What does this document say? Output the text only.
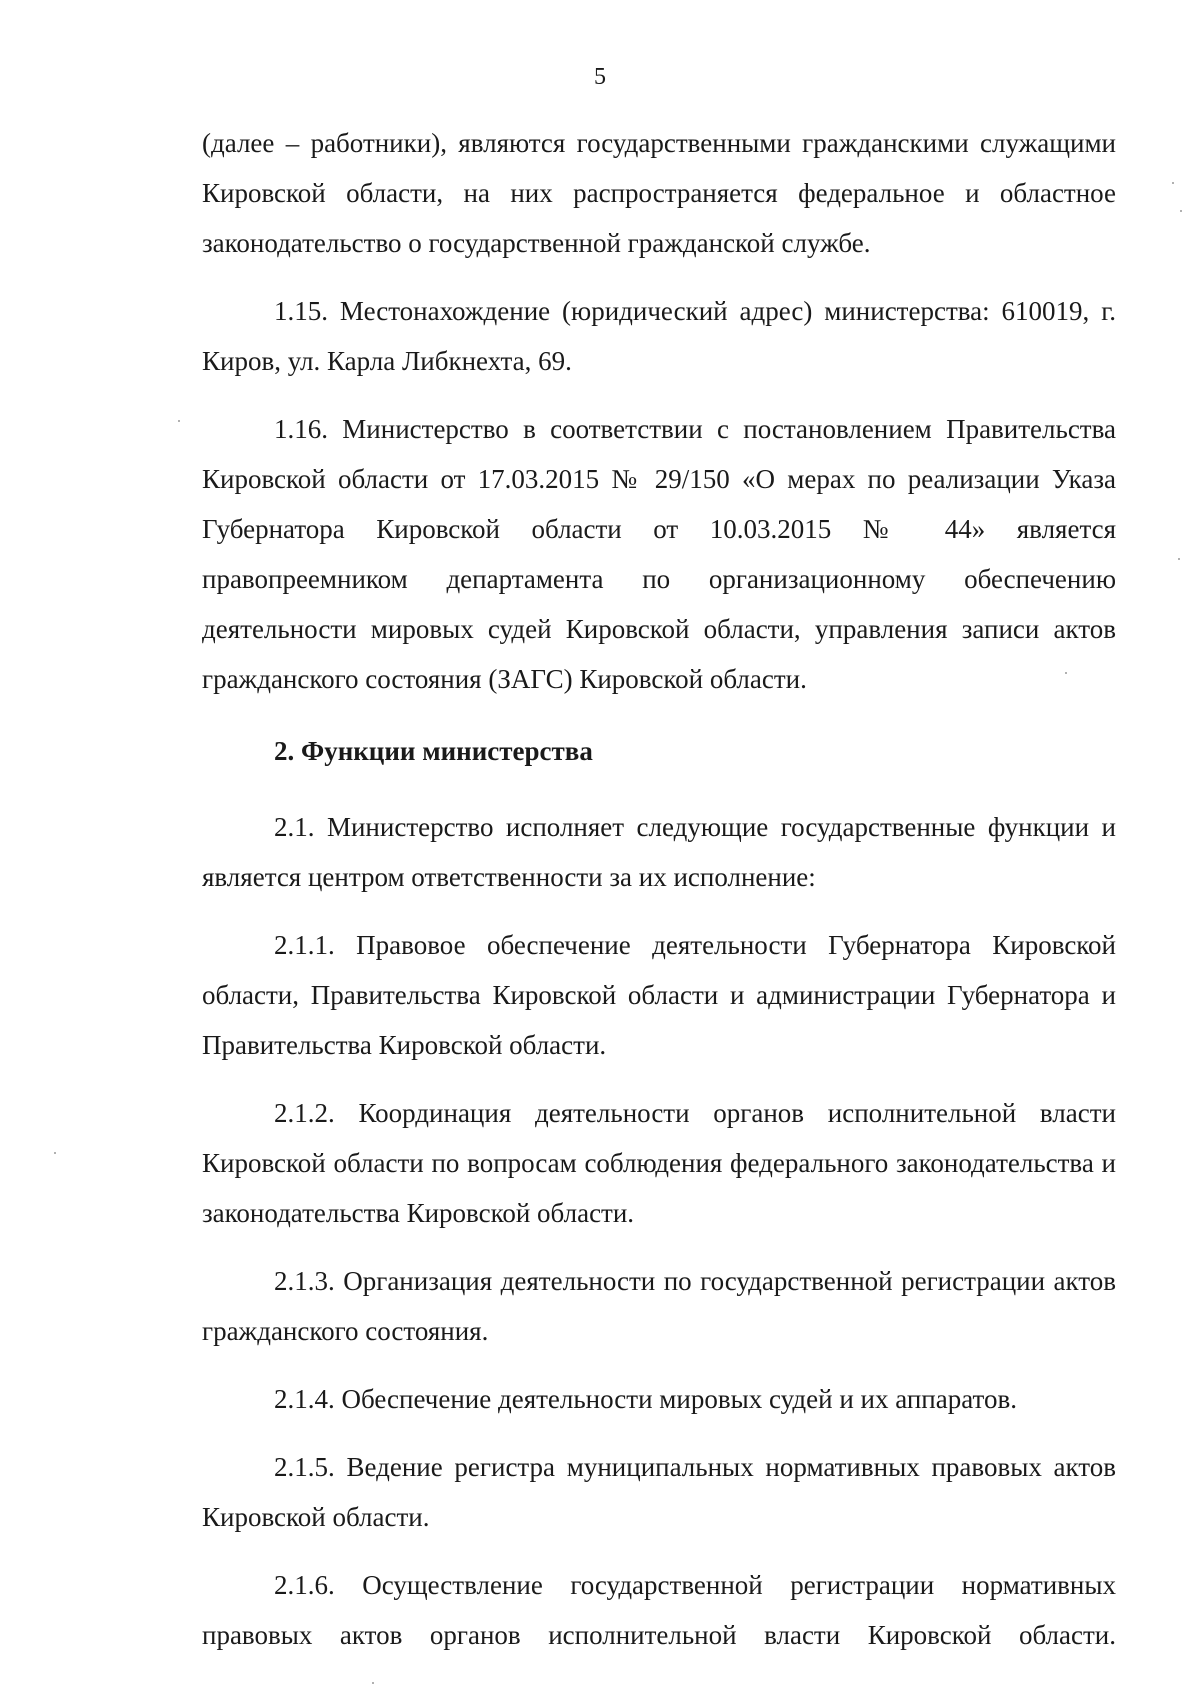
5

(далее – работники), являются государственными гражданскими служащими Кировской области, на них распространяется федеральное и областное законодательство о государственной гражданской службе.

1.15. Местонахождение (юридический адрес) министерства: 610019, г. Киров, ул. Карла Либкнехта, 69.

1.16. Министерство в соответствии с постановлением Правительства Кировской области от 17.03.2015 № 29/150 «О мерах по реализации Указа Губернатора Кировской области от 10.03.2015 № 44» является правопреемником департамента по организационному обеспечению деятельности мировых судей Кировской области, управления записи актов гражданского состояния (ЗАГС) Кировской области.

2. Функции министерства

2.1. Министерство исполняет следующие государственные функции и является центром ответственности за их исполнение:

2.1.1. Правовое обеспечение деятельности Губернатора Кировской области, Правительства Кировской области и администрации Губернатора и Правительства Кировской области.

2.1.2. Координация деятельности органов исполнительной власти Кировской области по вопросам соблюдения федерального законодательства и законодательства Кировской области.

2.1.3. Организация деятельности по государственной регистрации актов гражданского состояния.

2.1.4. Обеспечение деятельности мировых судей и их аппаратов.

2.1.5. Ведение регистра муниципальных нормативных правовых актов Кировской области.

2.1.6. Осуществление государственной регистрации нормативных правовых актов органов исполнительной власти Кировской области.
